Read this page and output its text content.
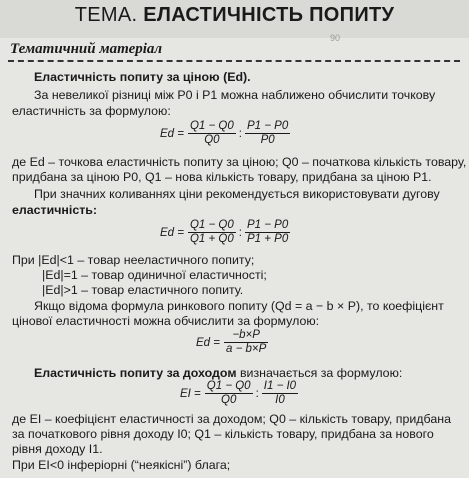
ТЕМА. ЕЛАСТИЧНІСТЬ ПОПИТУ
90
Тематичний матеріал
Еластичність попиту за ціною (Ed).
За невеликої різниці між P0 і P1 можна наближено обчислити точкову
еластичність за формулою:
$Ed = \frac{Q1 - Q0}{Q0}$ : $\frac{P1 - P0}{P0}$
де Ed – точкова еластичність попиту за ціною; Q0 – початкова кількість товару,
придбана за ціною P0, Q1 – нова кількість товару, придбана за ціною P1.
При значних коливаннях ціни рекомендується використовувати дугову
еластичність:
$Ed = \frac{Q1 - Q0}{Q1 + Q0}$ : $\frac{P1 - P0}{P1 + P0}$
При |Ed|<1 – товар нееластичного попиту;
|Ed|=1 – товар одиничної еластичності;
|Ed|>1 – товар еластичного попиту.
Якщо відома формула ринкового попиту (Qd = a − b × P), то коефіцієнт
цінової еластичності можна обчислити за формулою:
$Ed = \frac{-b\times P}{a - b\times P}$
Еластичність попиту за доходом визначається за формулою:
EI = $\frac{Q1 - Q0}{Q0}$ : $\frac{I1 - I0}{I0}$
де EI – коефіцієнт еластичності за доходом; Q0 – кількість товару, придбана
за початкового рівня доходу I0; Q1 – кількість товару, придбана за нового
рівня доходу I1.
При EI<0 інферіорні (“неякісні”) блага;
